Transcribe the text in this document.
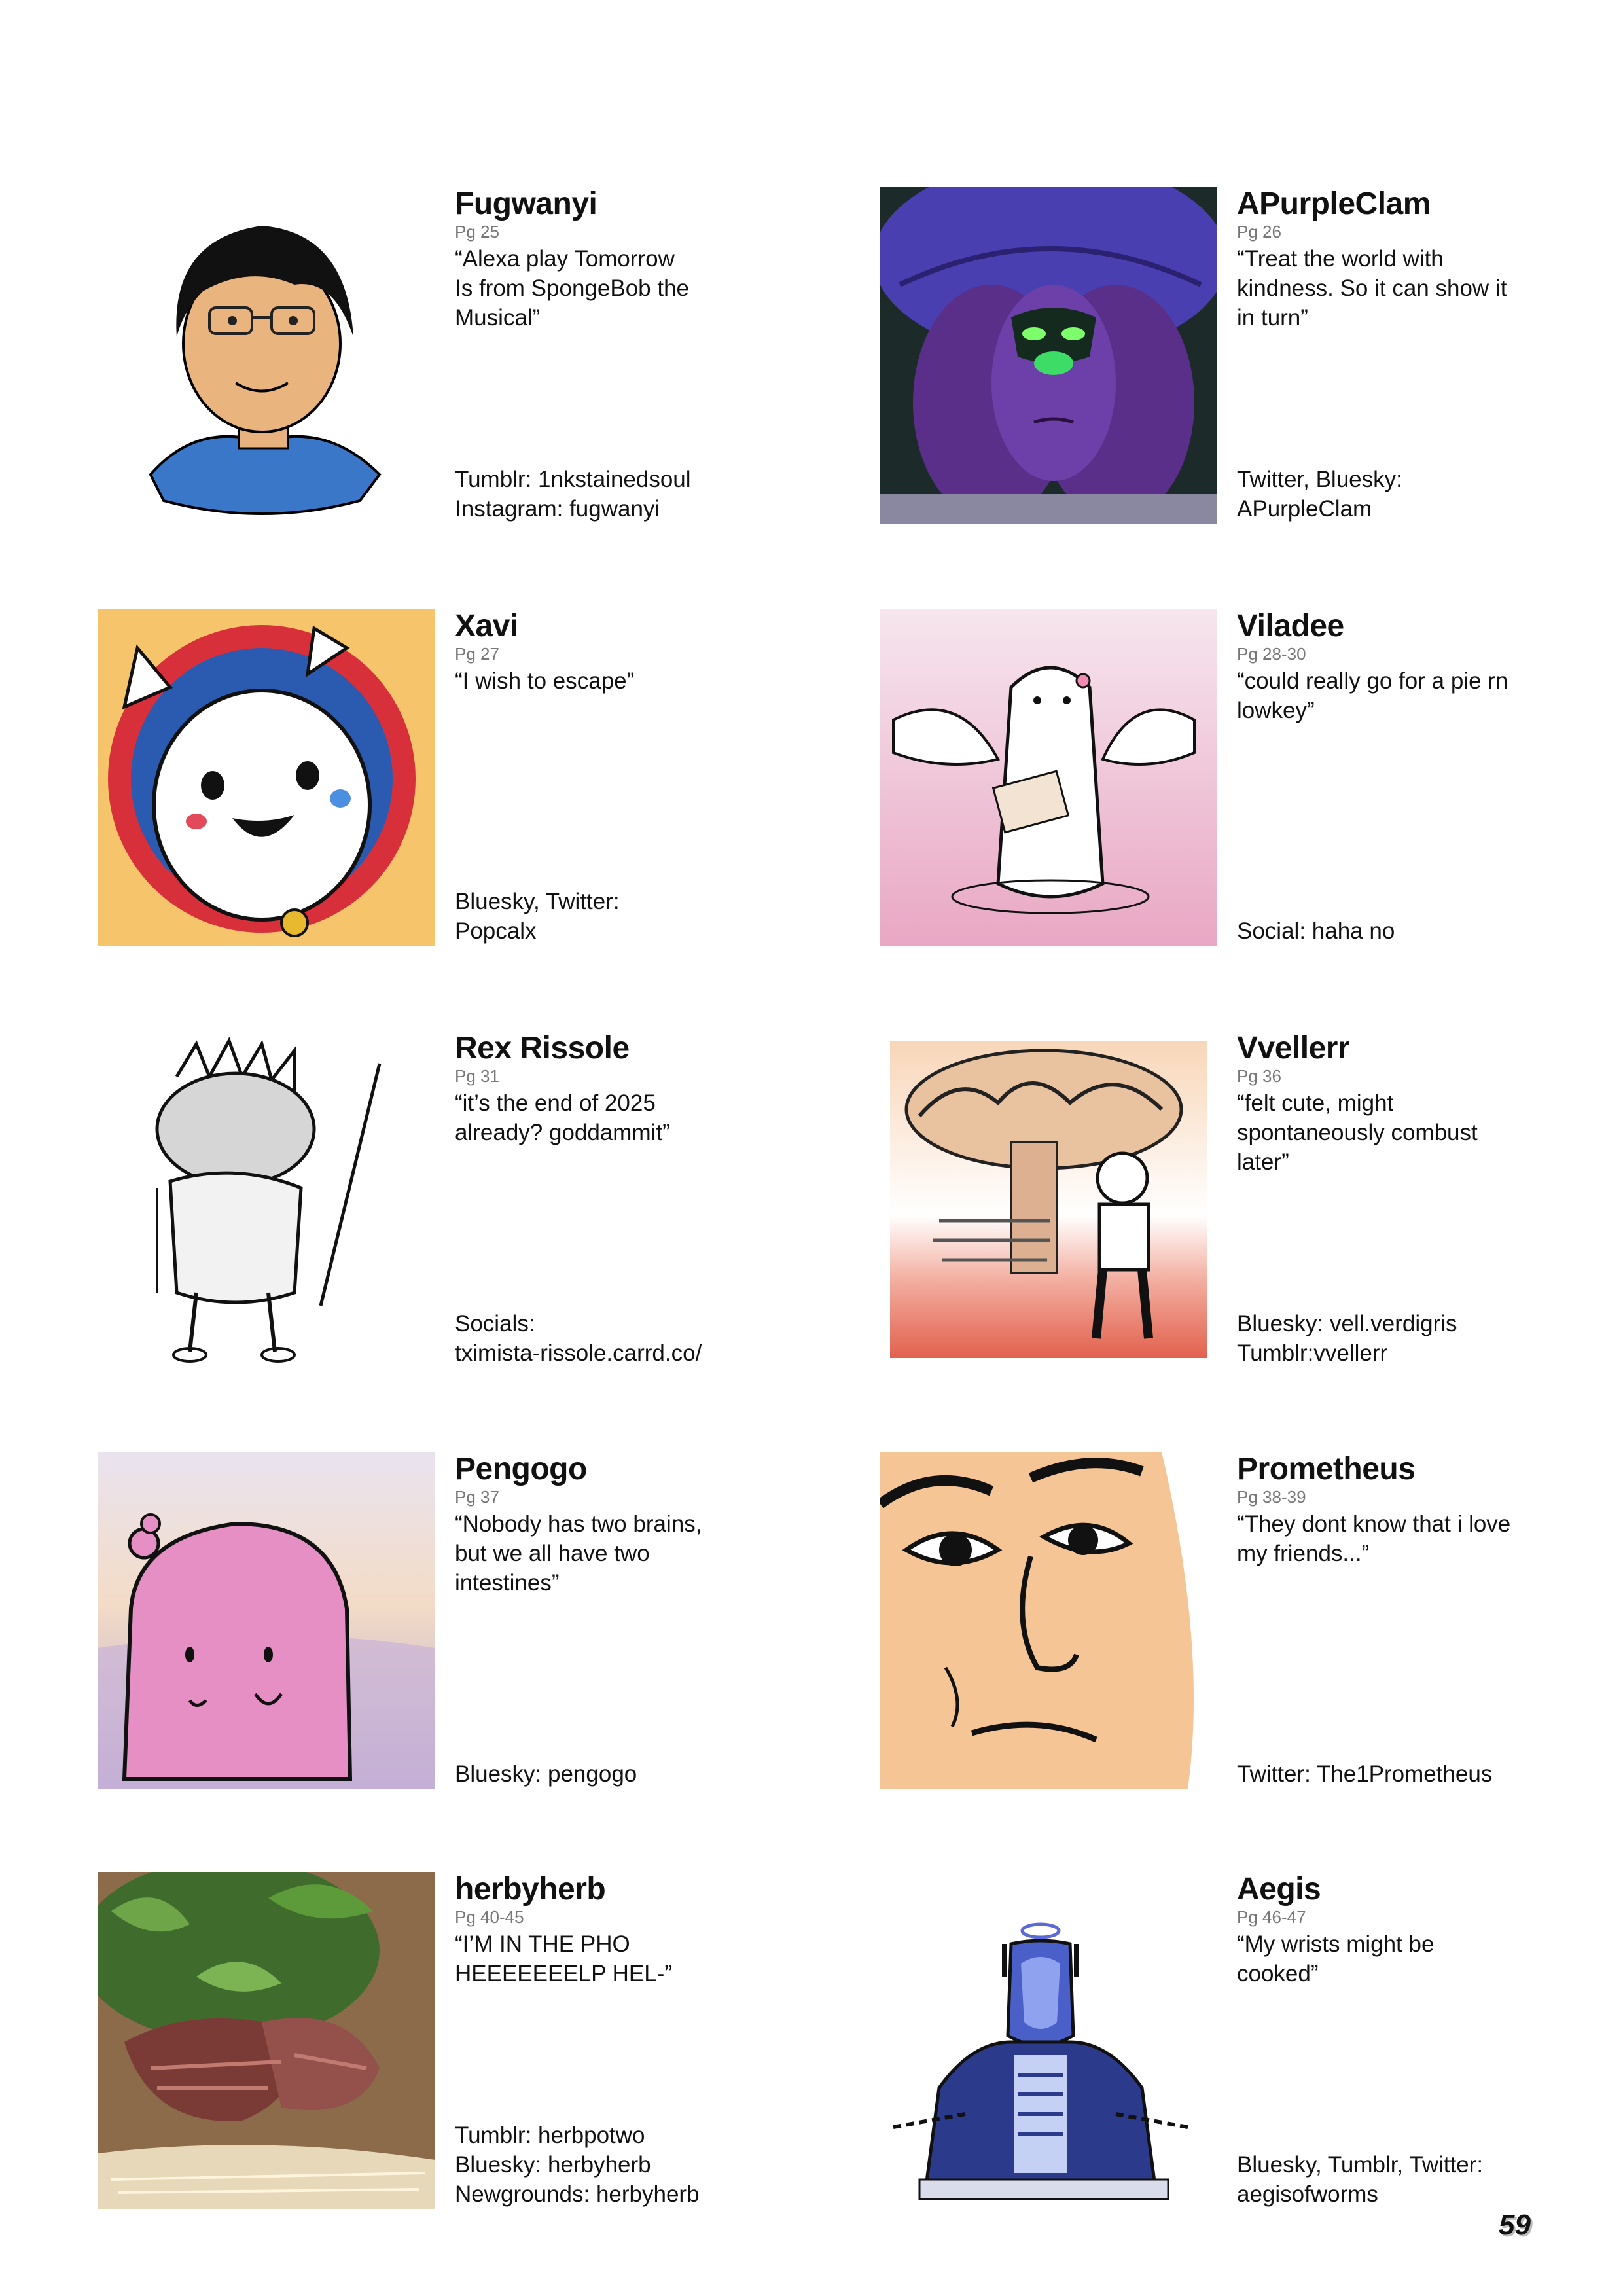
Fugwanyi

Pg 25

“Alexa play Tomorrow
Is from SpongeBob the
Musical”
Tumblr: 1nkstainedsoul
Instagram: fugwanyi

APurpleClam

Pg 26

“Treat the world with
kindness. So it can show it
in turn”
Twitter, Bluesky:
APurpleClam

Xavi

Pg 27

“I wish to escape”
Bluesky, Twitter:
Popcalx

Viladee

Pg 28-30

“could really go for a pie rn
lowkey”
Social: haha no

Rex Rissole

Pg 31

“it’s the end of 2025
already? goddammit”
Socials:
tximista-rissole.carrd.co/

Vvellerr

Pg 36

“felt cute, might
spontaneously combust
later”
Bluesky: vell.verdigris
Tumblr:vvellerr

Pengogo

Pg 37

“Nobody has two brains,
but we all have two
intestines”
Bluesky: pengogo

Prometheus

Pg 38-39

“They dont know that i love
my friends...”
Twitter: The1Prometheus

herbyherb

Pg 40-45

“I’M IN THE PHO
HEEEEEEELP HEL-”
Tumblr: herbpotwo
Bluesky: herbyherb
Newgrounds: herbyherb

Aegis

Pg 46-47

“My wrists might be
cooked”
Bluesky, Tumblr, Twitter:
aegisofworms
59
